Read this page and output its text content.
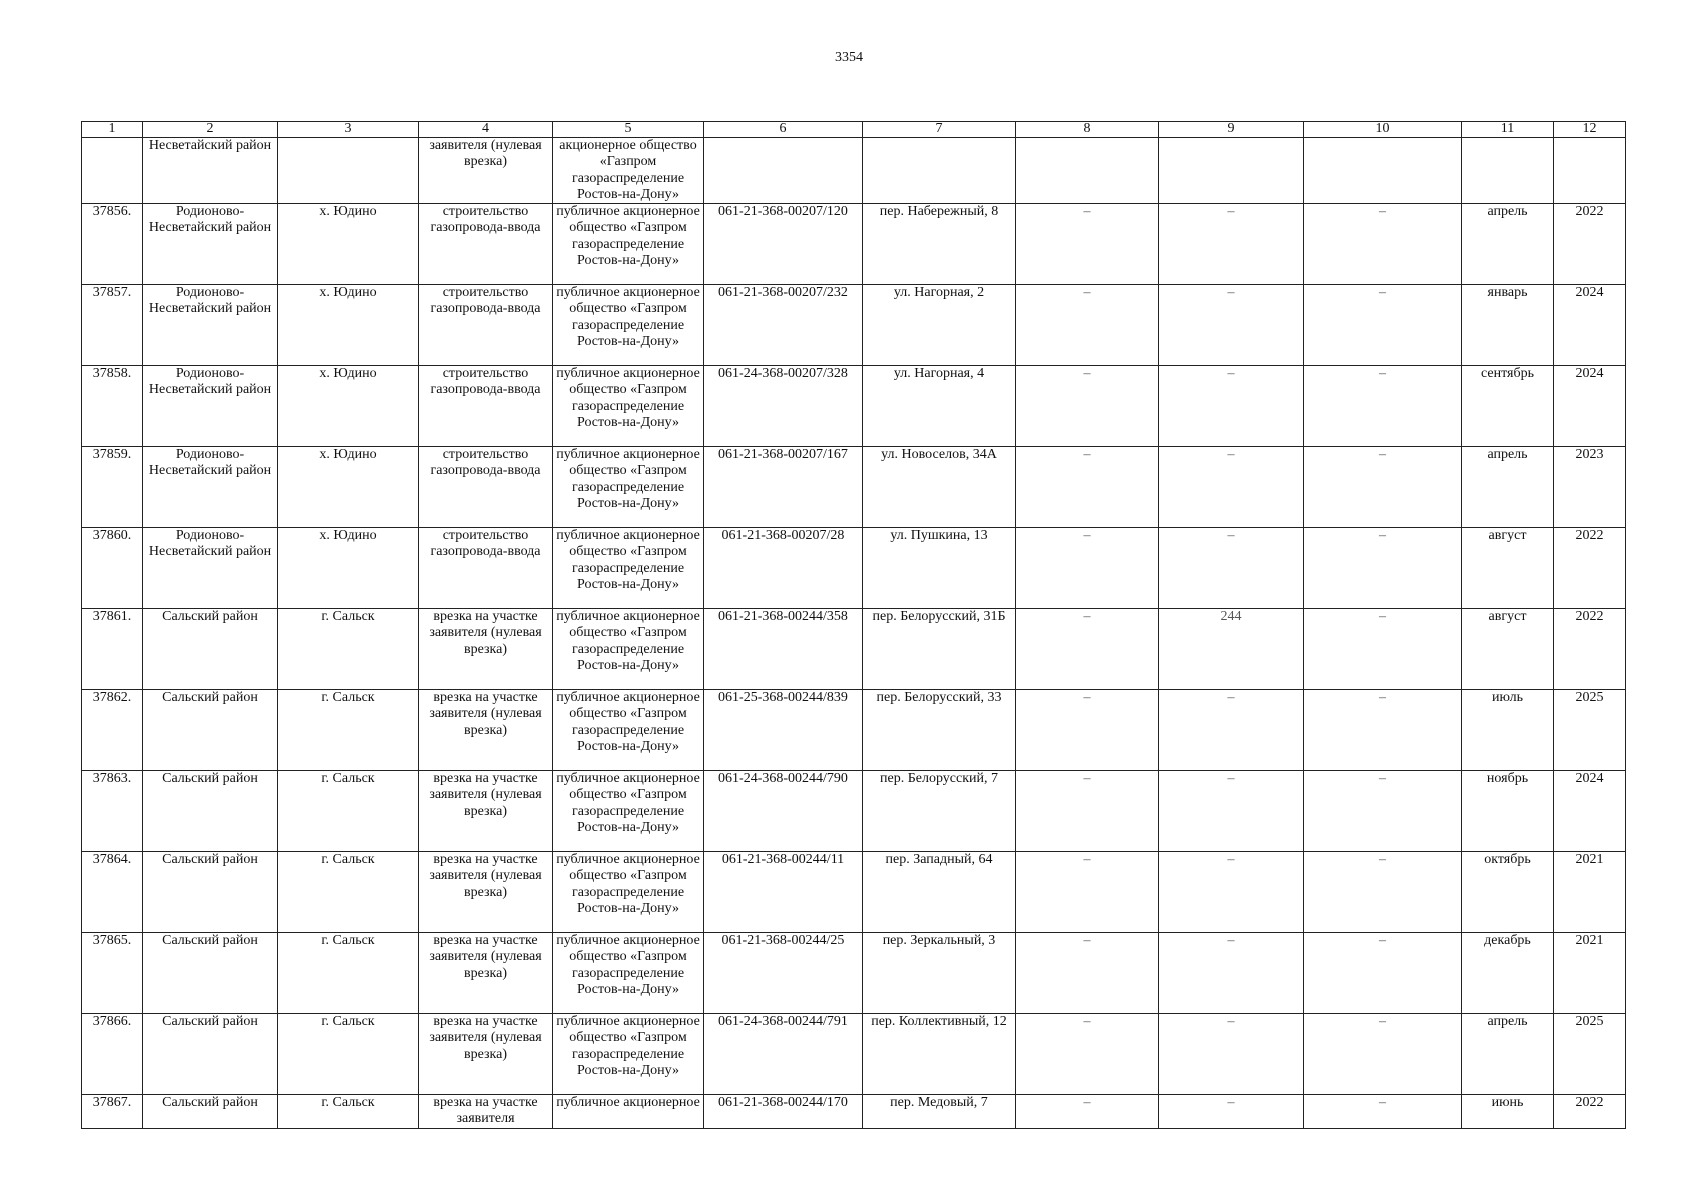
3354
1	2	3	4	5	6	7	8	9	10	11	12
	Несветайский район		заявителя (нулевая врезка)	акционерное общество «Газпром газораспределение Ростов-на-Дону»							
37856.	Родионово-Несветайский район	х. Юдино	строительство газопровода-ввода	публичное акционерное общество «Газпром газораспределение Ростов-на-Дону»	061-21-368-00207/120	пер. Набережный, 8	–	–	–	апрель	2022
37857.	Родионово-Несветайский район	х. Юдино	строительство газопровода-ввода	публичное акционерное общество «Газпром газораспределение Ростов-на-Дону»	061-21-368-00207/232	ул. Нагорная, 2	–	–	–	январь	2024
37858.	Родионово-Несветайский район	х. Юдино	строительство газопровода-ввода	публичное акционерное общество «Газпром газораспределение Ростов-на-Дону»	061-24-368-00207/328	ул. Нагорная, 4	–	–	–	сентябрь	2024
37859.	Родионово-Несветайский район	х. Юдино	строительство газопровода-ввода	публичное акционерное общество «Газпром газораспределение Ростов-на-Дону»	061-21-368-00207/167	ул. Новоселов, 34А	–	–	–	апрель	2023
37860.	Родионово-Несветайский район	х. Юдино	строительство газопровода-ввода	публичное акционерное общество «Газпром газораспределение Ростов-на-Дону»	061-21-368-00207/28	ул. Пушкина, 13	–	–	–	август	2022
37861.	Сальский район	г. Сальск	врезка на участке заявителя (нулевая врезка)	публичное акционерное общество «Газпром газораспределение Ростов-на-Дону»	061-21-368-00244/358	пер. Белорусский, 31Б	–	244	–	август	2022
37862.	Сальский район	г. Сальск	врезка на участке заявителя (нулевая врезка)	публичное акционерное общество «Газпром газораспределение Ростов-на-Дону»	061-25-368-00244/839	пер. Белорусский, 33	–	–	–	июль	2025
37863.	Сальский район	г. Сальск	врезка на участке заявителя (нулевая врезка)	публичное акционерное общество «Газпром газораспределение Ростов-на-Дону»	061-24-368-00244/790	пер. Белорусский, 7	–	–	–	ноябрь	2024
37864.	Сальский район	г. Сальск	врезка на участке заявителя (нулевая врезка)	публичное акционерное общество «Газпром газораспределение Ростов-на-Дону»	061-21-368-00244/11	пер. Западный, 64	–	–	–	октябрь	2021
37865.	Сальский район	г. Сальск	врезка на участке заявителя (нулевая врезка)	публичное акционерное общество «Газпром газораспределение Ростов-на-Дону»	061-21-368-00244/25	пер. Зеркальный, 3	–	–	–	декабрь	2021
37866.	Сальский район	г. Сальск	врезка на участке заявителя (нулевая врезка)	публичное акционерное общество «Газпром газораспределение Ростов-на-Дону»	061-24-368-00244/791	пер. Коллективный, 12	–	–	–	апрель	2025
37867.	Сальский район	г. Сальск	врезка на участке заявителя	публичное акционерное	061-21-368-00244/170	пер. Медовый, 7	–	–	–	июнь	2022
